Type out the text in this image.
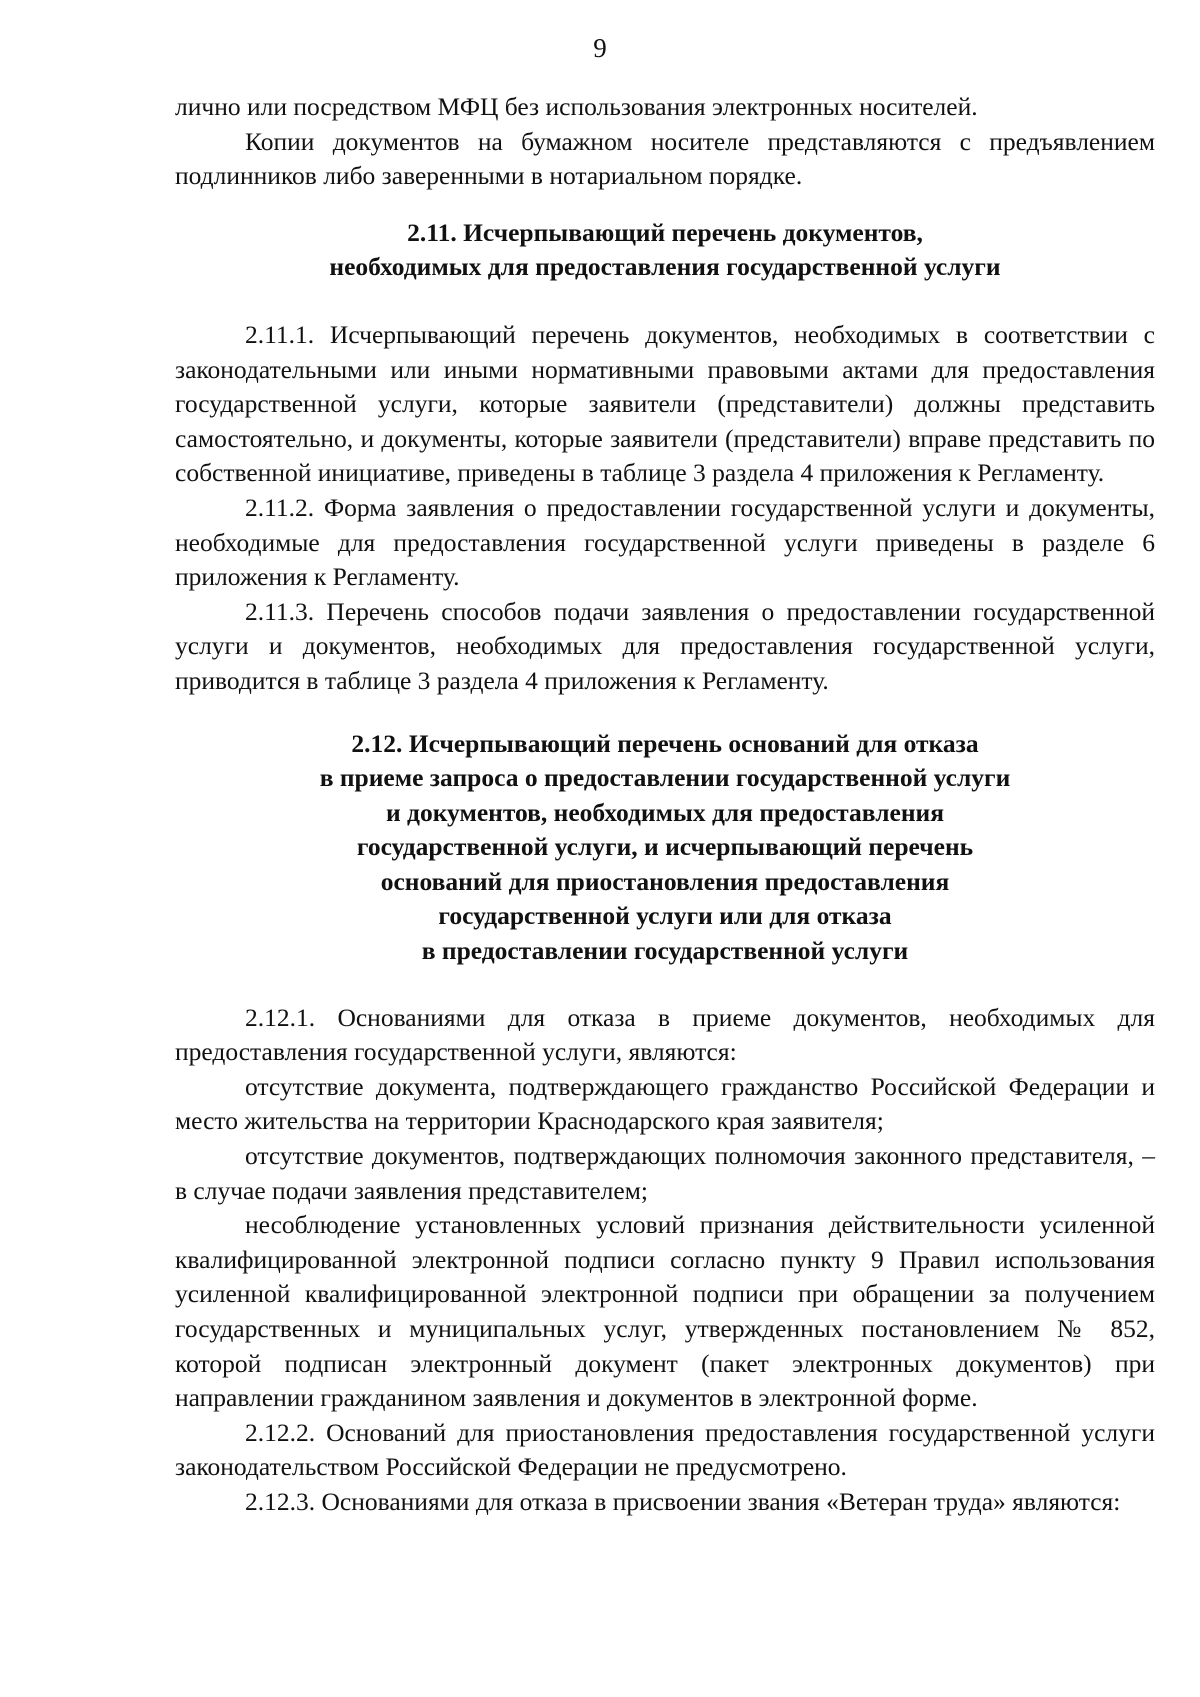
9

лично или посредством МФЦ без использования электронных носителей.

Копии документов на бумажном носителе представляются с предъявлением подлинников либо заверенными в нотариальном порядке.

2.11. Исчерпывающий перечень документов,
необходимых для предоставления государственной услуги

2.11.1. Исчерпывающий перечень документов, необходимых в соответствии с законодательными или иными нормативными правовыми актами для предоставления государственной услуги, которые заявители (представители) должны представить самостоятельно, и документы, которые заявители (представители) вправе представить по собственной инициативе, приведены в таблице 3 раздела 4 приложения к Регламенту.

2.11.2. Форма заявления о предоставлении государственной услуги и документы, необходимые для предоставления государственной услуги приведены в разделе 6 приложения к Регламенту.

2.11.3. Перечень способов подачи заявления о предоставлении государственной услуги и документов, необходимых для предоставления государственной услуги, приводится в таблице 3 раздела 4 приложения к Регламенту.

2.12. Исчерпывающий перечень оснований для отказа
в приеме запроса о предоставлении государственной услуги
и документов, необходимых для предоставления
государственной услуги, и исчерпывающий перечень
оснований для приостановления предоставления
государственной услуги или для отказа
в предоставлении государственной услуги

2.12.1. Основаниями для отказа в приеме документов, необходимых для предоставления государственной услуги, являются:

отсутствие документа, подтверждающего гражданство Российской Федерации и место жительства на территории Краснодарского края заявителя;

отсутствие документов, подтверждающих полномочия законного представителя, – в случае подачи заявления представителем;

несоблюдение установленных условий признания действительности усиленной квалифицированной электронной подписи согласно пункту 9 Правил использования усиленной квалифицированной электронной подписи при обращении за получением государственных и муниципальных услуг, утвержденных постановлением № 852, которой подписан электронный документ (пакет электронных документов) при направлении гражданином заявления и документов в электронной форме.

2.12.2. Оснований для приостановления предоставления государственной услуги законодательством Российской Федерации не предусмотрено.

2.12.3. Основаниями для отказа в присвоении звания «Ветеран труда» являются:
